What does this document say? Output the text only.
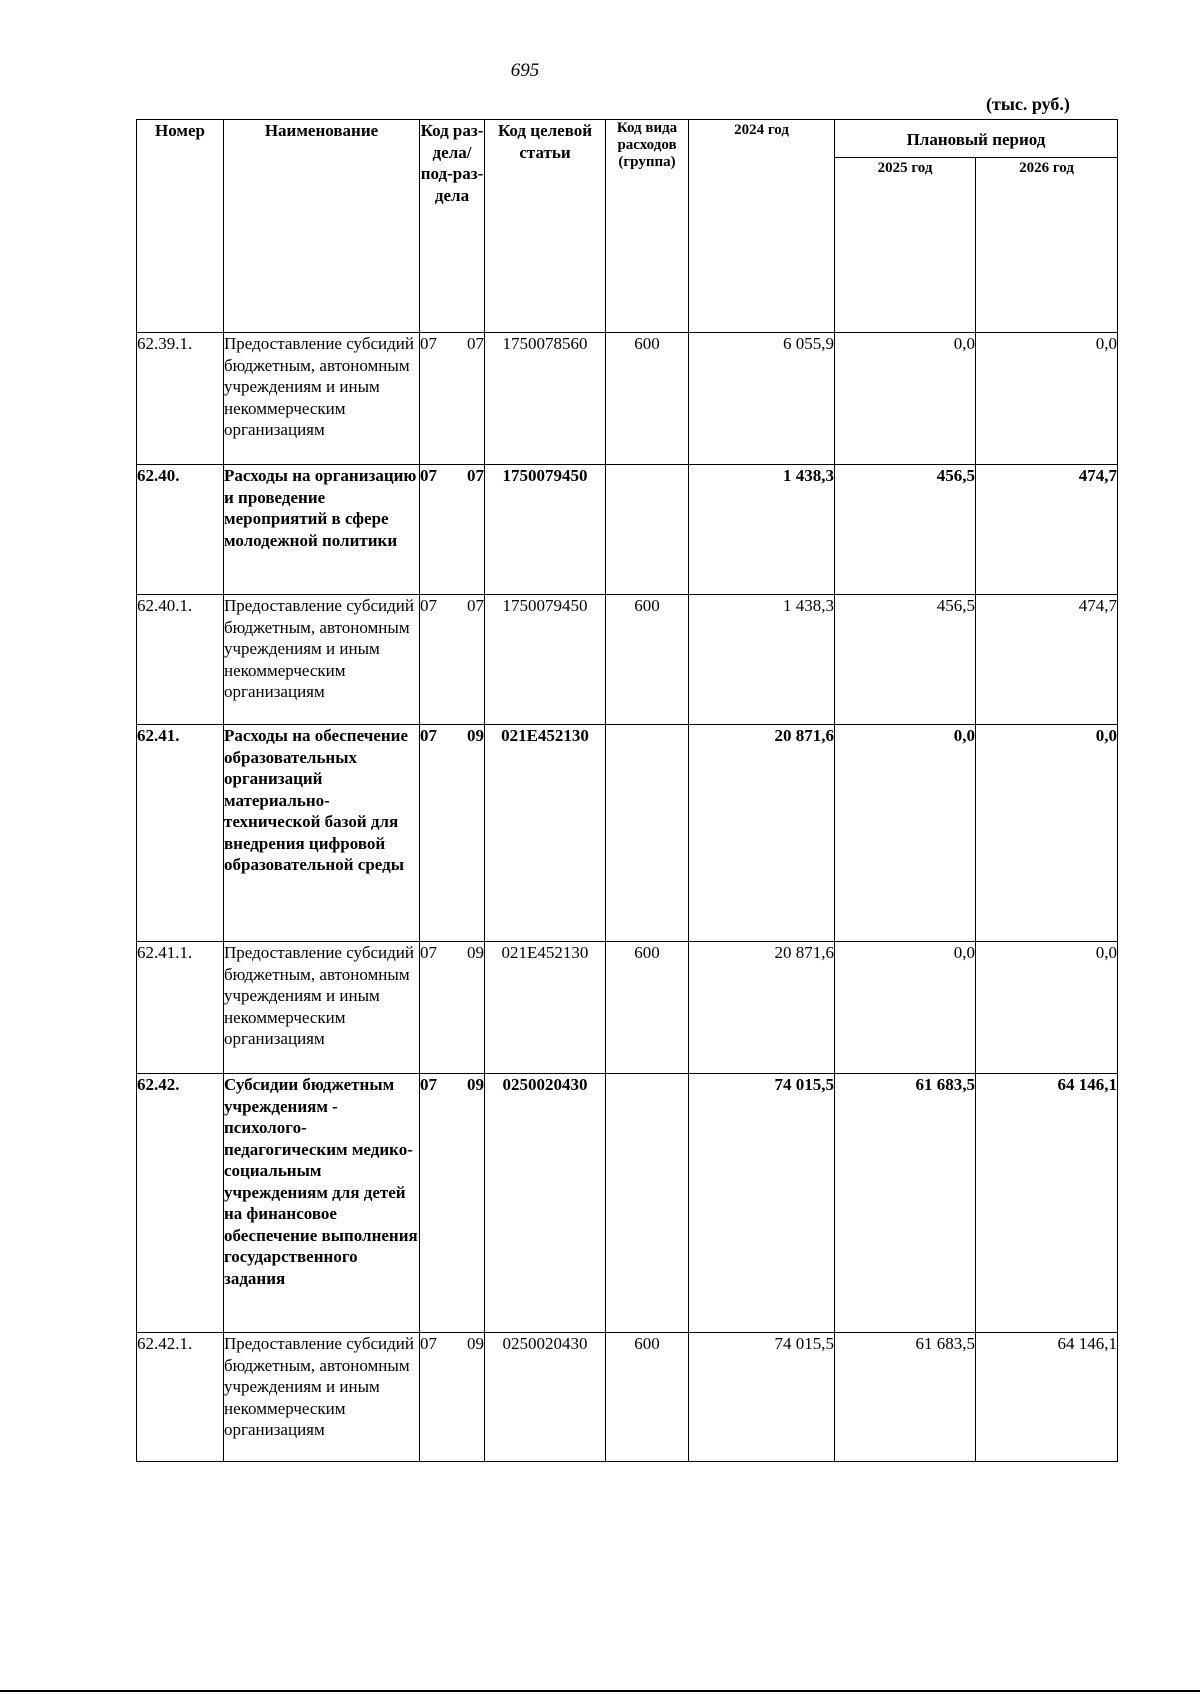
695
(тыс. руб.)
Номер	Наименование	Код раз-дела/ под-раз-дела	Код целевой статьи	Код вида расходов (группа)	2024 год	Плановый период	
						2025 год	2026 год
62.39.1.	Предоставление субсидий бюджетным, автономным учреждениям и иным некоммерческим организациям	07 07	1750078560	600	6 055,9	0,0	0,0
62.40.	Расходы на организацию и проведение мероприятий в сфере молодежной политики	07 07	1750079450		1 438,3	456,5	474,7
62.40.1.	Предоставление субсидий бюджетным, автономным учреждениям и иным некоммерческим организациям	07 07	1750079450	600	1 438,3	456,5	474,7
62.41.	Расходы на обеспечение образовательных организаций материально-технической базой для внедрения цифровой образовательной среды	07 09	021E452130		20 871,6	0,0	0,0
62.41.1.	Предоставление субсидий бюджетным, автономным учреждениям и иным некоммерческим организациям	07 09	021E452130	600	20 871,6	0,0	0,0
62.42.	Субсидии бюджетным учреждениям - психолого-педагогическим медико-социальным учреждениям для детей на финансовое обеспечение выполнения государственного задания	07 09	0250020430		74 015,5	61 683,5	64 146,1
62.42.1.	Предоставление субсидий бюджетным, автономным учреждениям и иным некоммерческим организациям	07 09	0250020430	600	74 015,5	61 683,5	64 146,1
